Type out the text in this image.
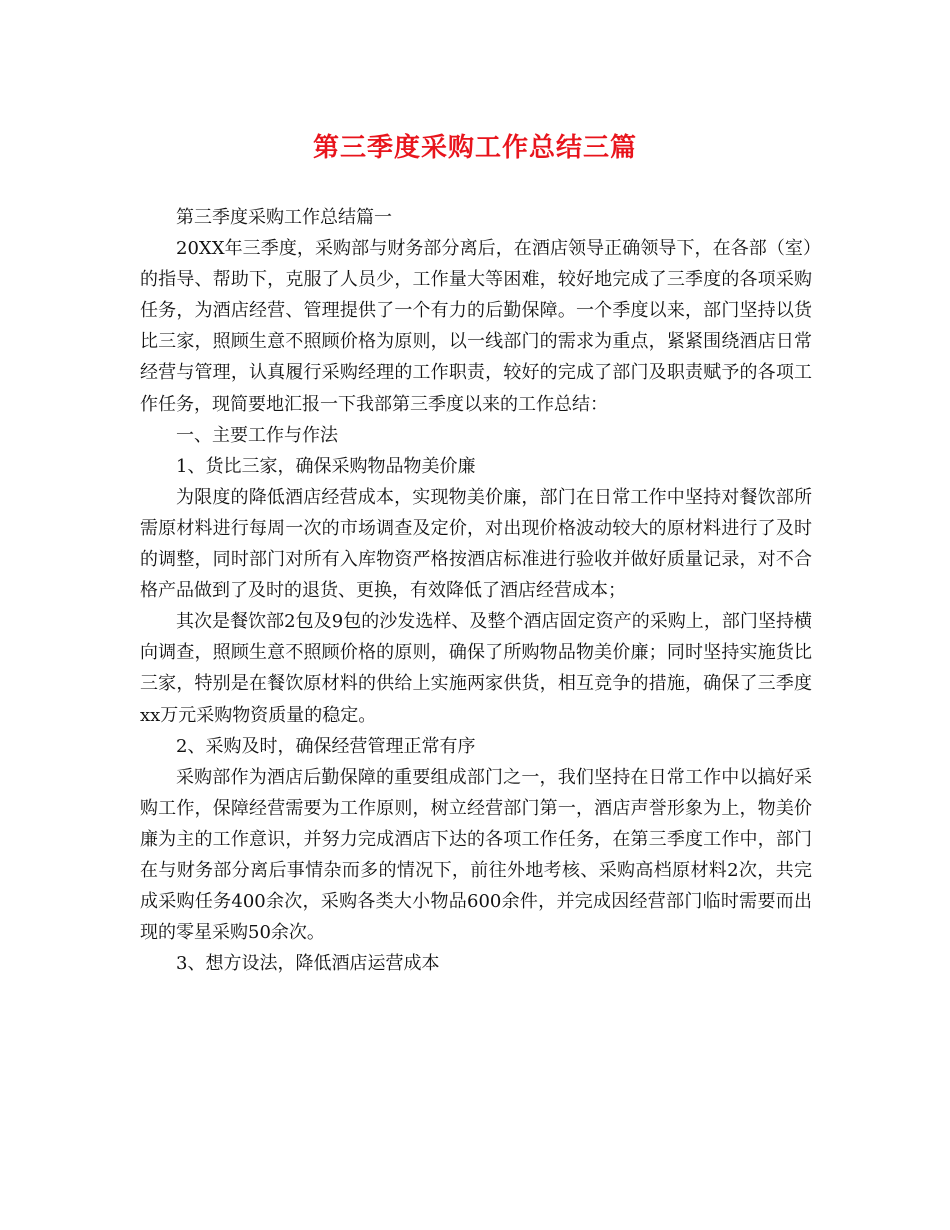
第三季度采购工作总结三篇

第三季度采购工作总结篇一

20XX年三季度，采购部与财务部分离后，在酒店领导正确领导下，在各部（室）的指导、帮助下，克服了人员少，工作量大等困难，较好地完成了三季度的各项采购任务，为酒店经营、管理提供了一个有力的后勤保障。一个季度以来，部门坚持以货比三家，照顾生意不照顾价格为原则，以一线部门的需求为重点，紧紧围绕酒店日常经营与管理，认真履行采购经理的工作职责，较好的完成了部门及职责赋予的各项工作任务，现简要地汇报一下我部第三季度以来的工作总结：

一、主要工作与作法

1、货比三家，确保采购物品物美价廉

为限度的降低酒店经营成本，实现物美价廉，部门在日常工作中坚持对餐饮部所需原材料进行每周一次的市场调查及定价，对出现价格波动较大的原材料进行了及时的调整，同时部门对所有入库物资严格按酒店标准进行验收并做好质量记录，对不合格产品做到了及时的退货、更换，有效降低了酒店经营成本；

其次是餐饮部2包及9包的沙发选样、及整个酒店固定资产的采购上，部门坚持横向调查，照顾生意不照顾价格的原则，确保了所购物品物美价廉；同时坚持实施货比三家，特别是在餐饮原材料的供给上实施两家供货，相互竞争的措施，确保了三季度xx万元采购物资质量的稳定。

2、采购及时，确保经营管理正常有序

采购部作为酒店后勤保障的重要组成部门之一，我们坚持在日常工作中以搞好采购工作，保障经营需要为工作原则，树立经营部门第一，酒店声誉形象为上，物美价廉为主的工作意识，并努力完成酒店下达的各项工作任务，在第三季度工作中，部门在与财务部分离后事情杂而多的情况下，前往外地考核、采购高档原材料2次，共完成采购任务400余次，采购各类大小物品600余件，并完成因经营部门临时需要而出现的零星采购50余次。

3、想方设法，降低酒店运营成本
